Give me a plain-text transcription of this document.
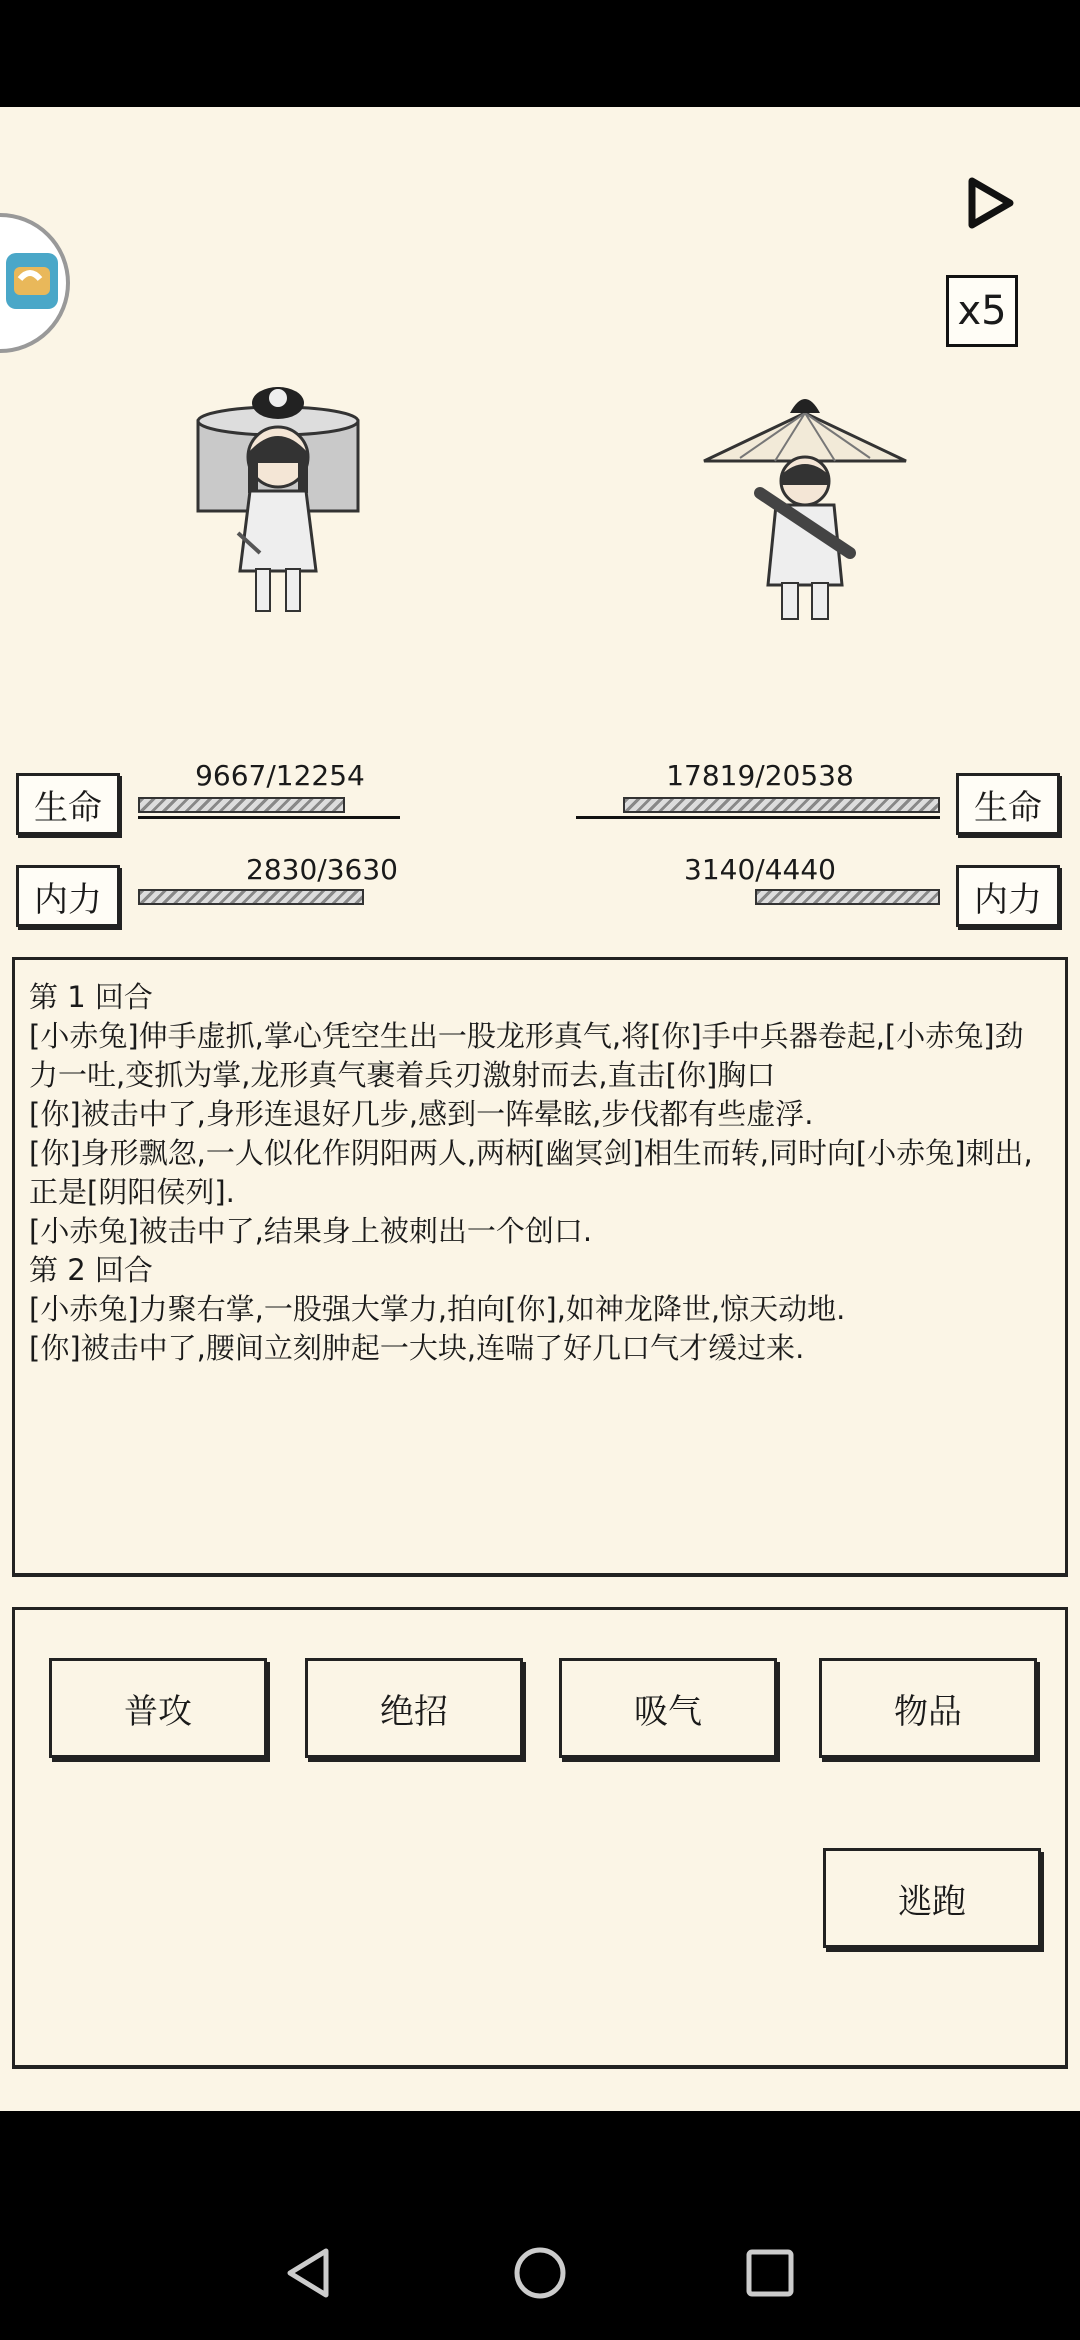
x5
生命
9667/12254
生命
17819/20538
内力
2830/3630
内力
3140/4440
第 1 回合
[小赤兔]伸手虚抓,掌心凭空生出一股龙形真气,将[你]手中兵器卷起,[小赤兔]劲力一吐,变抓为掌,龙形真气裹着兵刃激射而去,直击[你]胸口
[你]被击中了,身形连退好几步,感到一阵晕眩,步伐都有些虚浮.
[你]身形飘忽,一人似化作阴阳两人,两柄[幽冥剑]相生而转,同时向[小赤兔]刺出,正是[阴阳侯列].
[小赤兔]被击中了,结果身上被刺出一个创口.
第 2 回合
[小赤兔]力聚右掌,一股强大掌力,拍向[你],如神龙降世,惊天动地.
[你]被击中了,腰间立刻肿起一大块,连喘了好几口气才缓过来.
普攻	绝招	吸气	物品
逃跑
